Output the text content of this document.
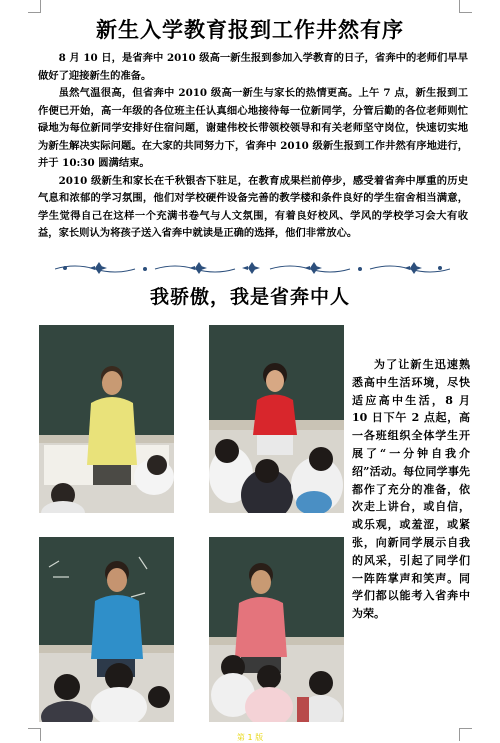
新生入学教育报到工作井然有序

8 月 10 日，是省奔中 2010 级高一新生报到参加入学教育的日子，省奔中的老师们早早做好了迎接新生的准备。

虽然气温很高，但省奔中 2010 级高一新生与家长的热情更高。上午 7 点，新生报到工作便已开始，高一年级的各位班主任认真细心地接待每一位新同学，分管后勤的各位老师则忙碌地为每位新同学安排好住宿问题，谢建伟校长带领校领导和有关老师坚守岗位，快速切实地为新生解决实际问题。在大家的共同努力下，省奔中 2010 级新生报到工作井然有序地进行，并于 10:30 圆满结束。

2010 级新生和家长在千秋银杏下驻足，在教育成果栏前停步，感受着省奔中厚重的历史气息和浓郁的学习氛围，他们对学校硬件设备完善的教学楼和条件良好的学生宿舍相当满意，学生觉得自己在这样一个充满书卷气与人文氛围，有着良好校风、学风的学校学习会大有收益，家长则认为将孩子送入省奔中就读是正确的选择，他们非常放心。

我骄傲，我是省奔中人

为了让新生迅速熟悉高中生活环境，尽快适应高中生活，8 月 10 日下午 2 点起，高一各班组织全体学生开展了“一分钟自我介绍”活动。每位同学事先都作了充分的准备，依次走上讲台，或自信，或乐观，或羞涩，或紧张，向新同学展示自我的风采，引起了同学们一阵阵掌声和笑声。同学们都以能考入省奔中为荣。

第 1 版
